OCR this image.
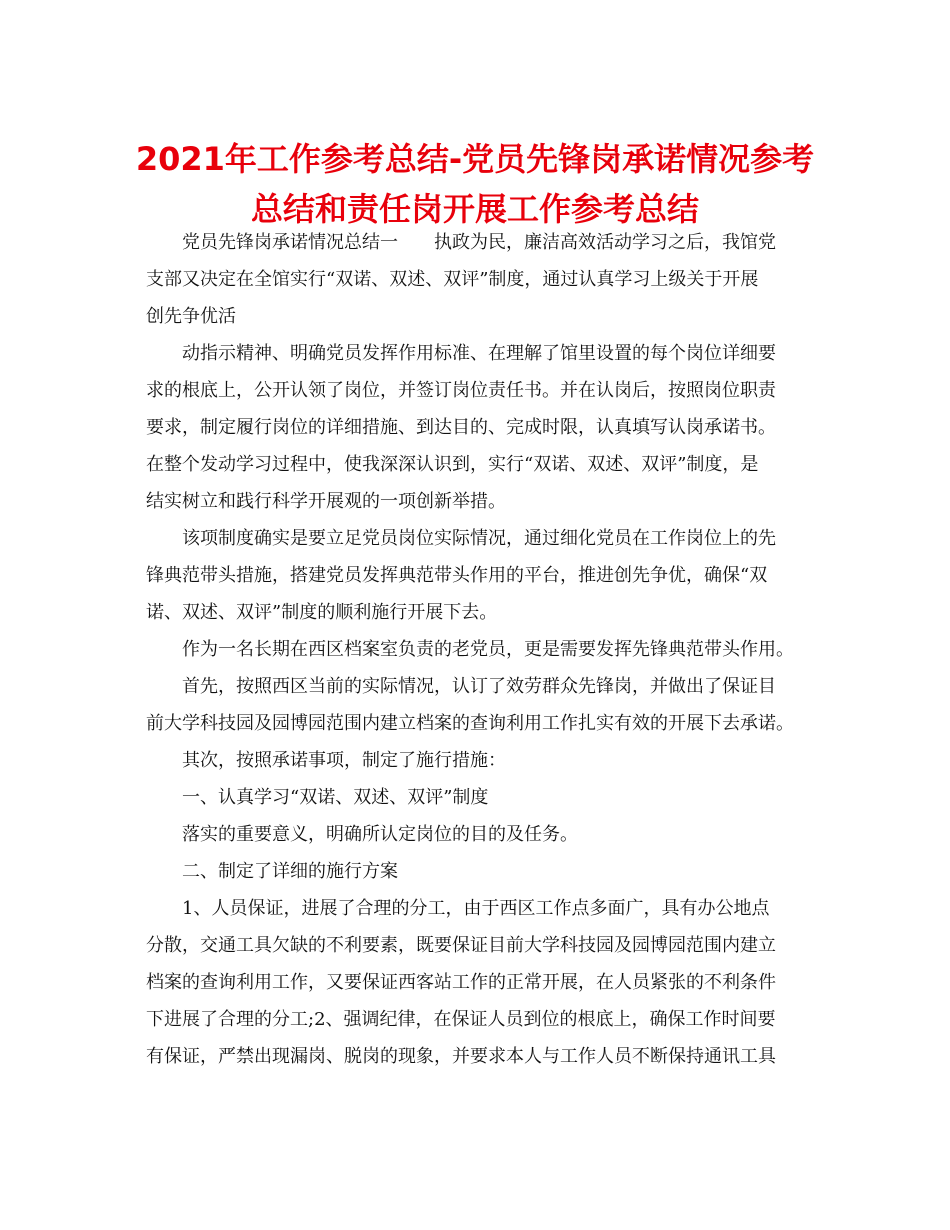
2021年工作参考总结-党员先锋岗承诺情况参考总结和责任岗开展工作参考总结
党员先锋岗承诺情况总结一　　执政为民，廉洁高效活动学习之后，我馆党
支部又决定在全馆实行“双诺、双述、双评”制度，通过认真学习上级关于开展
创先争优活
动指示精神、明确党员发挥作用标准、在理解了馆里设置的每个岗位详细要
求的根底上，公开认领了岗位，并签订岗位责任书。并在认岗后，按照岗位职责
要求，制定履行岗位的详细措施、到达目的、完成时限，认真填写认岗承诺书。
在整个发动学习过程中，使我深深认识到，实行“双诺、双述、双评”制度，是
结实树立和践行科学开展观的一项创新举措。
该项制度确实是要立足党员岗位实际情况，通过细化党员在工作岗位上的先
锋典范带头措施，搭建党员发挥典范带头作用的平台，推进创先争优，确保“双
诺、双述、双评”制度的顺利施行开展下去。
作为一名长期在西区档案室负责的老党员，更是需要发挥先锋典范带头作用。
首先，按照西区当前的实际情况，认订了效劳群众先锋岗，并做出了保证目
前大学科技园及园博园范围内建立档案的查询利用工作扎实有效的开展下去承诺。
其次，按照承诺事项，制定了施行措施：
一、认真学习“双诺、双述、双评”制度
落实的重要意义，明确所认定岗位的目的及任务。
二、制定了详细的施行方案
1、人员保证，进展了合理的分工，由于西区工作点多面广，具有办公地点
分散，交通工具欠缺的不利要素，既要保证目前大学科技园及园博园范围内建立
档案的查询利用工作，又要保证西客站工作的正常开展，在人员紧张的不利条件
下进展了合理的分工;2、强调纪律，在保证人员到位的根底上，确保工作时间要
有保证，严禁出现漏岗、脱岗的现象，并要求本人与工作人员不断保持通讯工具
